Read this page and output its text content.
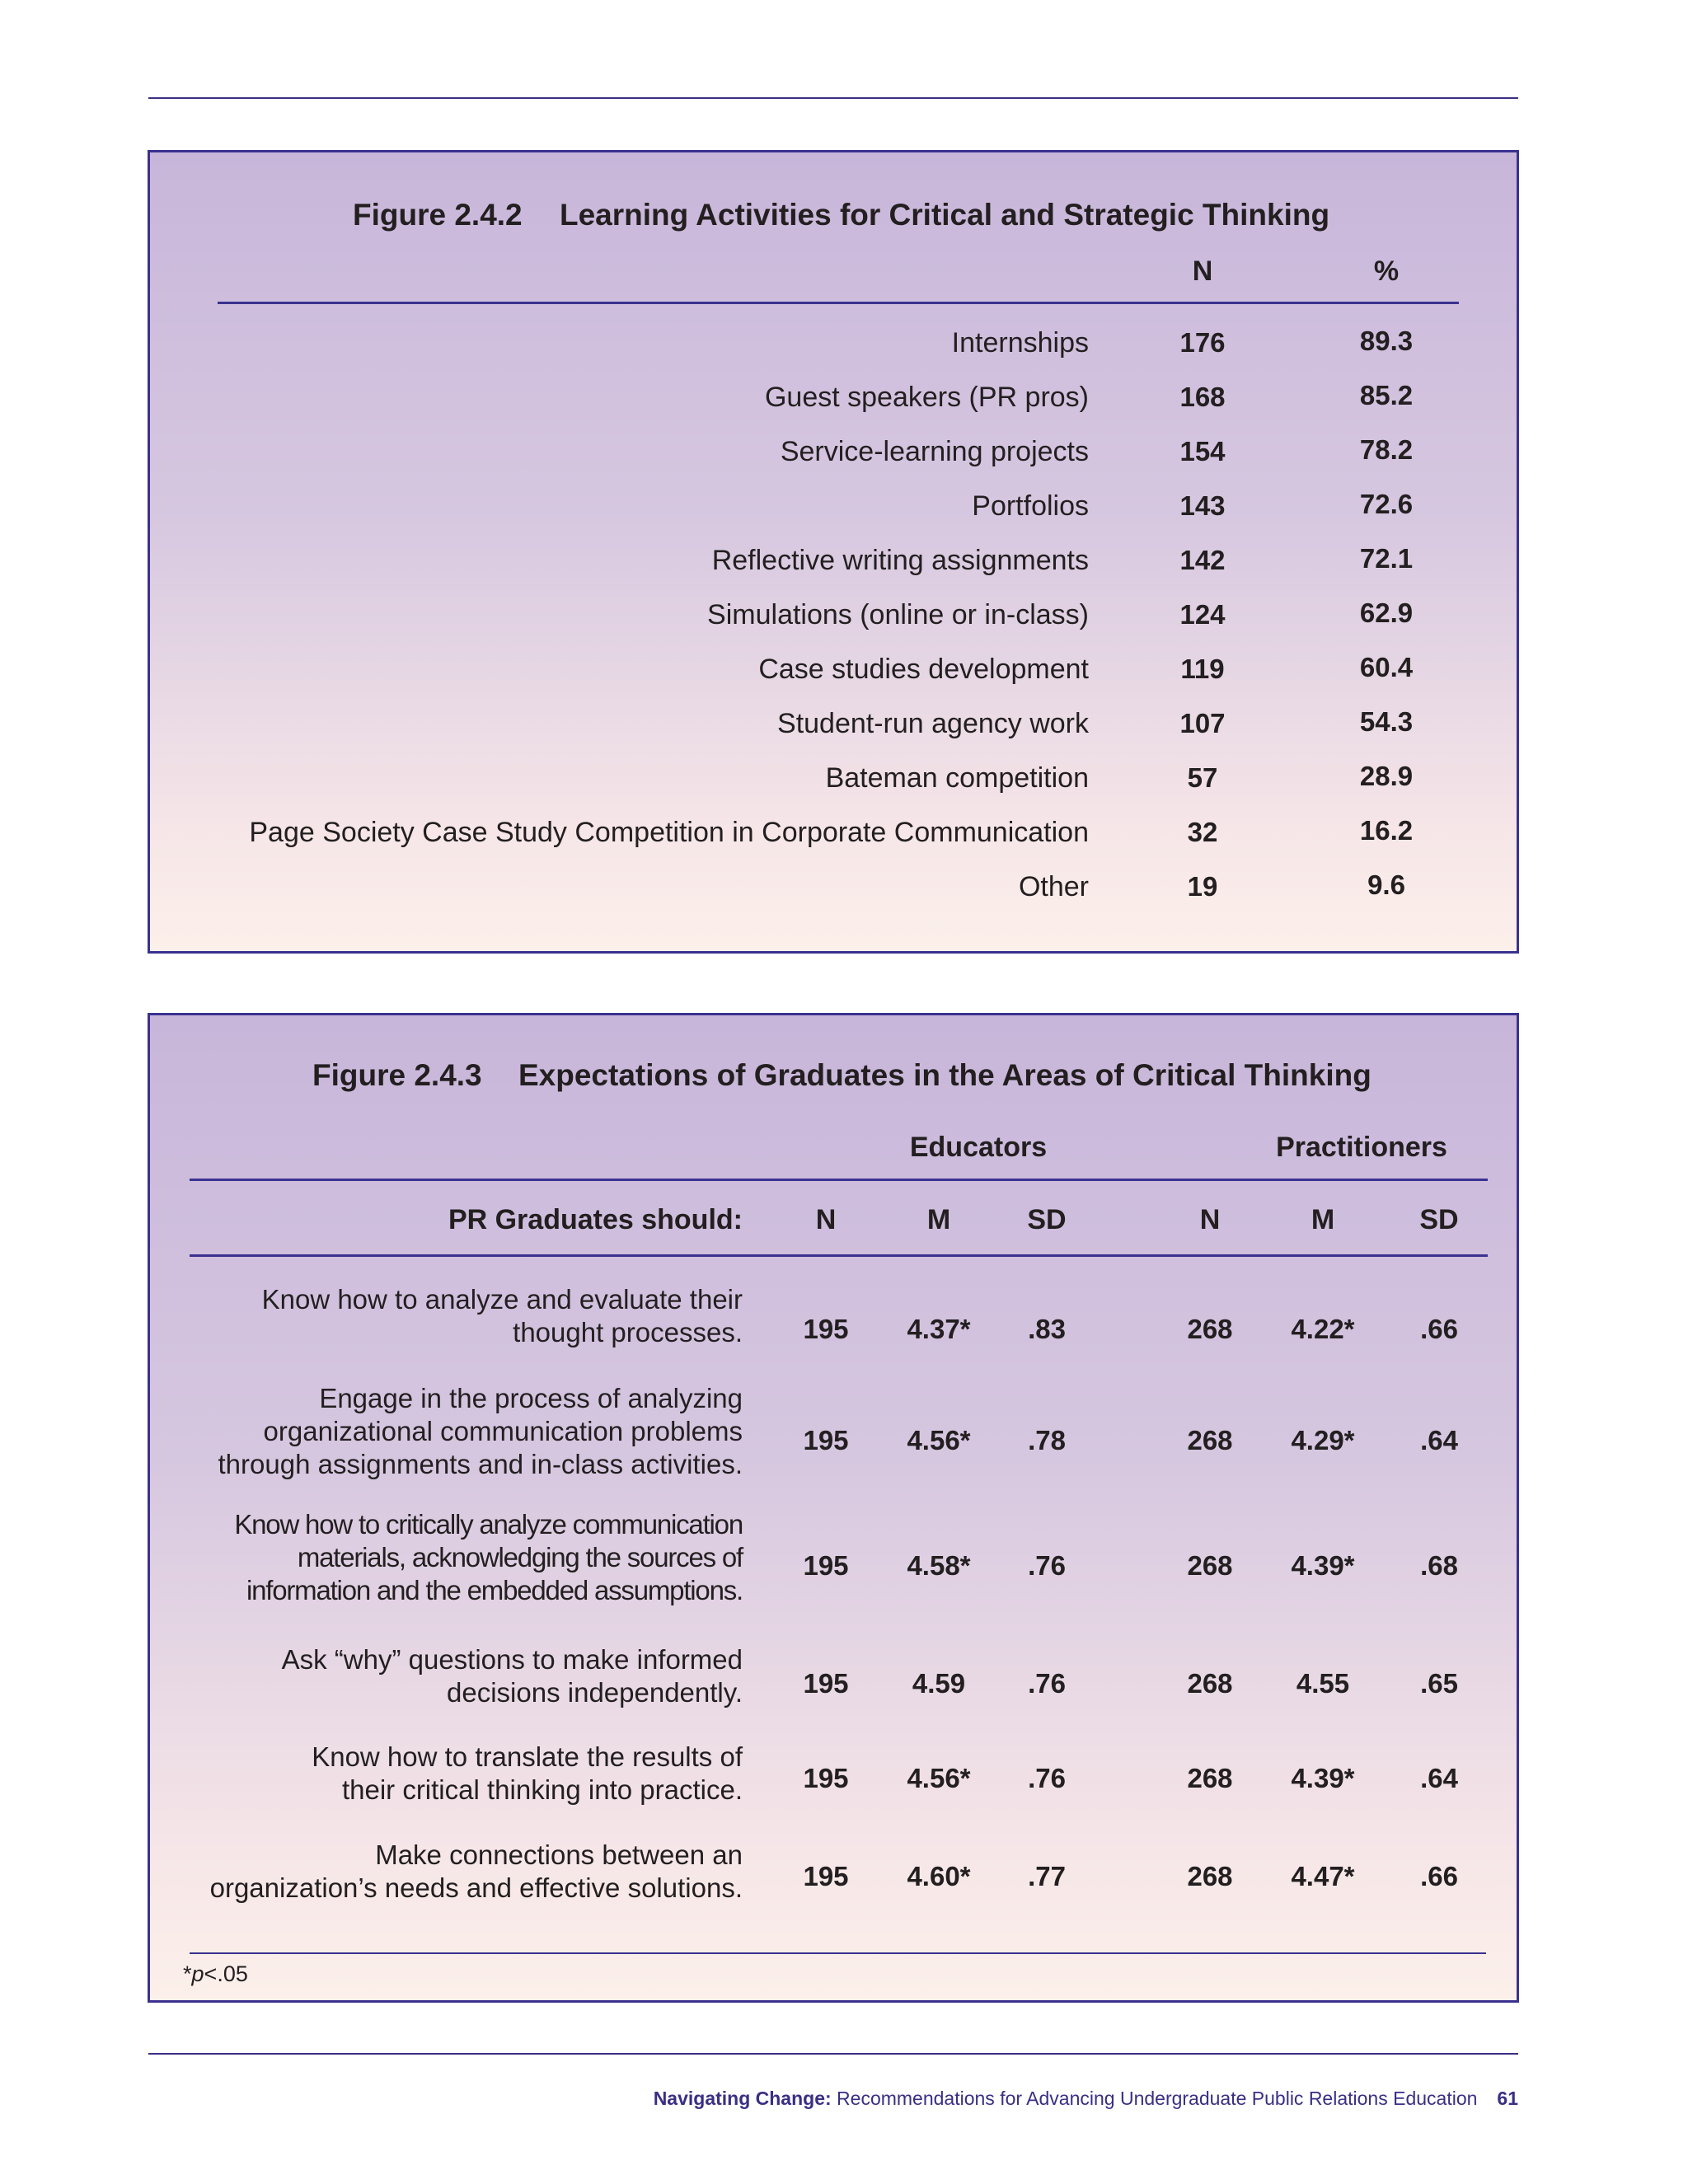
Figure 2.4.2 Learning Activities for Critical and Strategic Thinking
N	%
Internships	176	89.3
Guest speakers (PR pros)	168	85.2
Service-learning projects	154	78.2
Portfolios	143	72.6
Reflective writing assignments	142	72.1
Simulations (online or in-class)	124	62.9
Case studies development	119	60.4
Student-run agency work	107	54.3
Bateman competition	57	28.9
Page Society Case Study Competition in Corporate Communication	32	16.2
Other	19	9.6
Figure 2.4.3 Expectations of Graduates in the Areas of Critical Thinking
Educators	Practitioners
PR Graduates should:	N	M	SD	N	M	SD
Know how to analyze and evaluate their
thought processes.	195	4.37*	.83	268	4.22*	.66
Engage in the process of analyzing
organizational communication problems
through assignments and in-class activities.
195	4.56*	.78	268	4.29*	.64
Know how to critically analyze communication
materials, acknowledging the sources of
information and the embedded assumptions.
195	4.58*	.76	268	4.39*	.68
Ask “why” questions to make informed
decisions independently.	195	4.59	.76	268	4.55	.65
Know how to translate the results of
their critical thinking into practice.	195	4.56*	.76	268	4.39*	.64
Make connections between an
organization’s needs and effective solutions.	195	4.60*	.77	268	4.47*	.66
*p<.05
Navigating Change: Recommendations for Advancing Undergraduate Public Relations Education 61
